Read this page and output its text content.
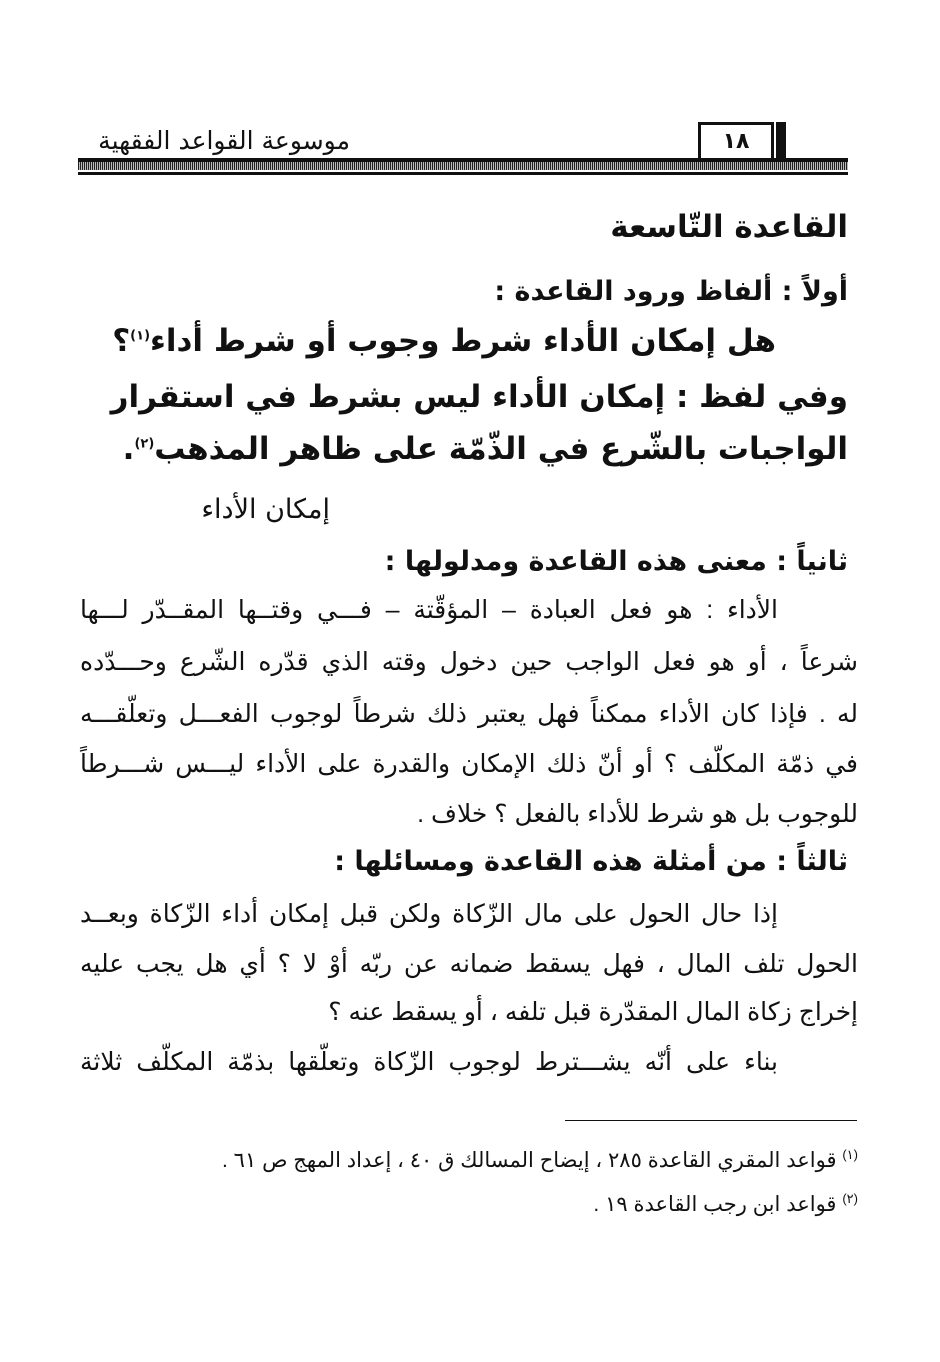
موسوعة القواعد الفقهية	١٨
القاعدة التّاسعة
أولاً : ألفاظ ورود القاعدة :
هل إمكان الأداء شرط وجوب أو شرط أداء$^{(١)}$؟
وفي لفظ : إمكان الأداء ليس بشرط في استقرار
الواجبات بالشّرع في الذّمّة على ظاهر المذهب$^{(٢)}$.
إمكان الأداء
ثانياً : معنى هذه القاعدة ومدلولها :
الأداء : هو فعل العبادة – المؤقّتة – فـــي وقتــها المقــدّر لـــها
شرعاً ، أو هو فعل الواجب حين دخول وقته الذي قدّره الشّرع وحـــدّده
له . فإذا كان الأداء ممكناً فهل يعتبر ذلك شرطاً لوجوب الفعـــل وتعلّقـــه
في ذمّة المكلّف ؟ أو أنّ ذلك الإمكان والقدرة على الأداء ليـــس شـــرطاً
للوجوب بل هو شرط للأداء بالفعل ؟ خلاف .
ثالثاً : من أمثلة هذه القاعدة ومسائلها :
إذا حال الحول على مال الزّكاة ولكن قبل إمكان أداء الزّكاة وبعــد
الحول تلف المال ، فهل يسقط ضمانه عن ربّه أوْ لا ؟ أي هل يجب عليه
إخراج زكاة المال المقدّرة قبل تلفه ، أو يسقط عنه ؟
بناء على أنّه يشـــترط لوجوب الزّكاة وتعلّقها بذمّة المكلّف ثلاثة
$^{(١)}$ قواعد المقري القاعدة ٢٨٥ ، إيضاح المسالك ق ٤٠ ، إعداد المهج ص ٦١ .
$^{(٢)}$ قواعد ابن رجب القاعدة ١٩ .
